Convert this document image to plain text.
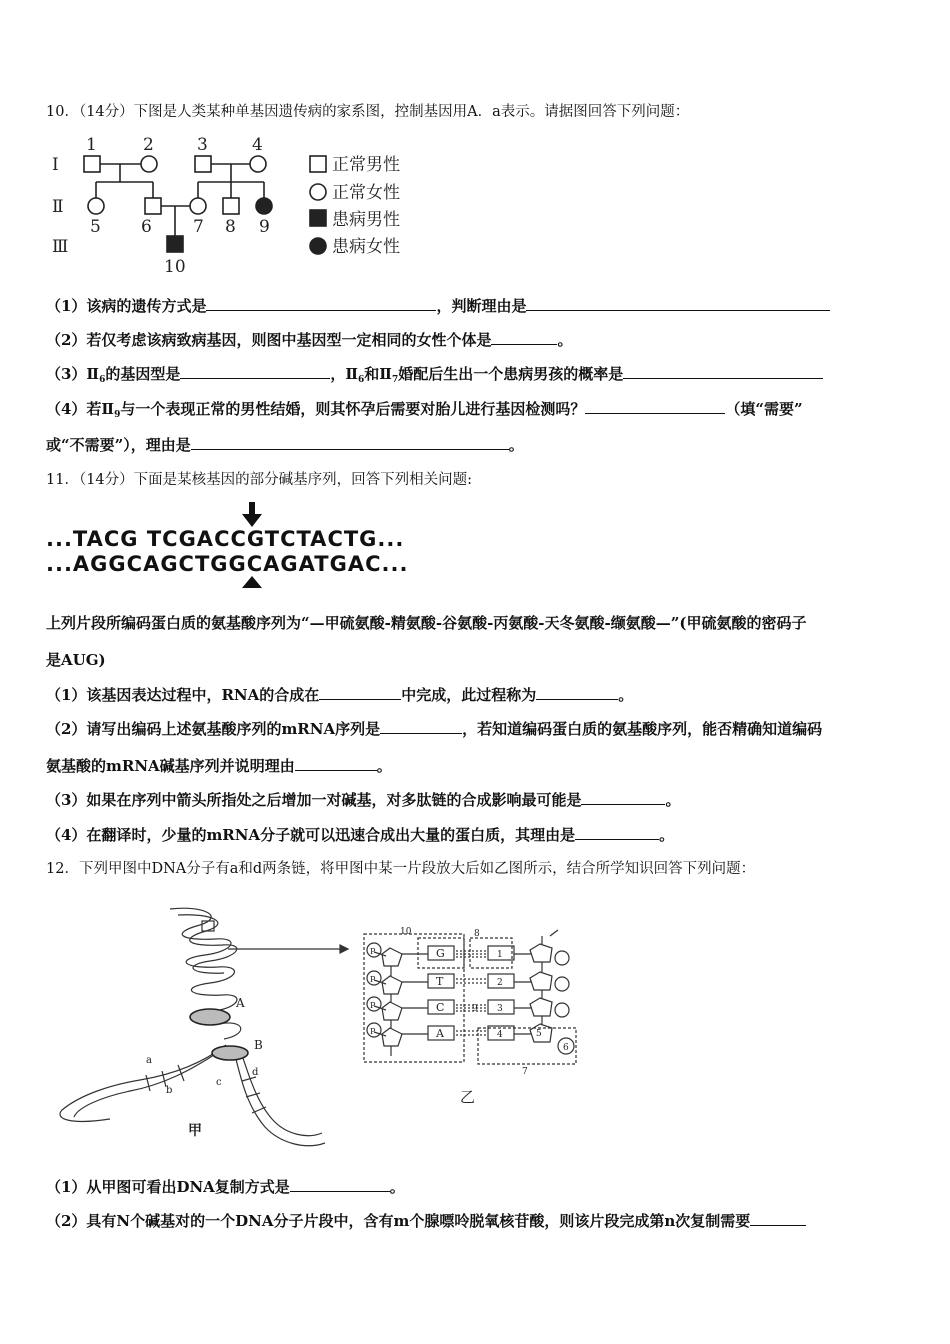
10．（14分）下图是人类某种单基因遗传病的家系图，控制基因用A．a表示。请据图回答下列问题：
Ⅰ
Ⅱ
Ⅲ
1	2	3	4
5 6 7 8 9
10
正常男性
正常女性
患病男性
患病女性
（1）该病的遗传方式是	，判断理由是
（2）若仅考虑该病致病基因，则图中基因型一定相同的女性个体是	。
$(3)Ⅱ_6$的基因型是	，$Ⅱ_6$和$Ⅱ_7$婚配后生出一个患病男孩的概率是
（4）若$Ⅱ_9$与一个表现正常的男性结婚，则其怀孕后需要对胎儿进行基因检测吗？	（填“需要”
或“不需要”），理由是	。
11．（14分）下面是某核基因的部分碱基序列，回答下列相关问题:
...TACG TCGACCGTCTACTG...
...AGGCAGCTGGCAGATGAC...
上列片段所编码蛋白质的氨基酸序列为“—甲硫氨酸-精氨酸-谷氨酸-丙氨酸-天冬氨酸-缬氨酸—”(甲硫氨酸的密码子
是AUG)
（1）该基因表达过程中，RNA的合成在	中完成，此过程称为	。
（2）请写出编码上述氨基酸序列的mRNA序列是	，若知道编码蛋白质的氨基酸序列，能否精确知道编码
氨基酸的mRNA碱基序列并说明理由	。
（3）如果在序列中箭头所指处之后增加一对碱基，对多肽链的合成影响最可能是	。
（4）在翻译时，少量的mRNA分子就可以迅速合成出大量的蛋白质，其理由是	。
12．下列甲图中DNA分子有a和d两条链，将甲图中某一片段放大后如乙图所示，结合所学知识回答下列问题：
A
B
a
b
c
d
甲
P
P
P
P
G
T
C
A
10	8
1
2
9 3
4	5
6
7
乙
（1）从甲图可看出DNA复制方式是	。
（2）具有N个碱基对的一个DNA分子片段中，含有m个腺嘌呤脱氧核苷酸，则该片段完成第n次复制需要
